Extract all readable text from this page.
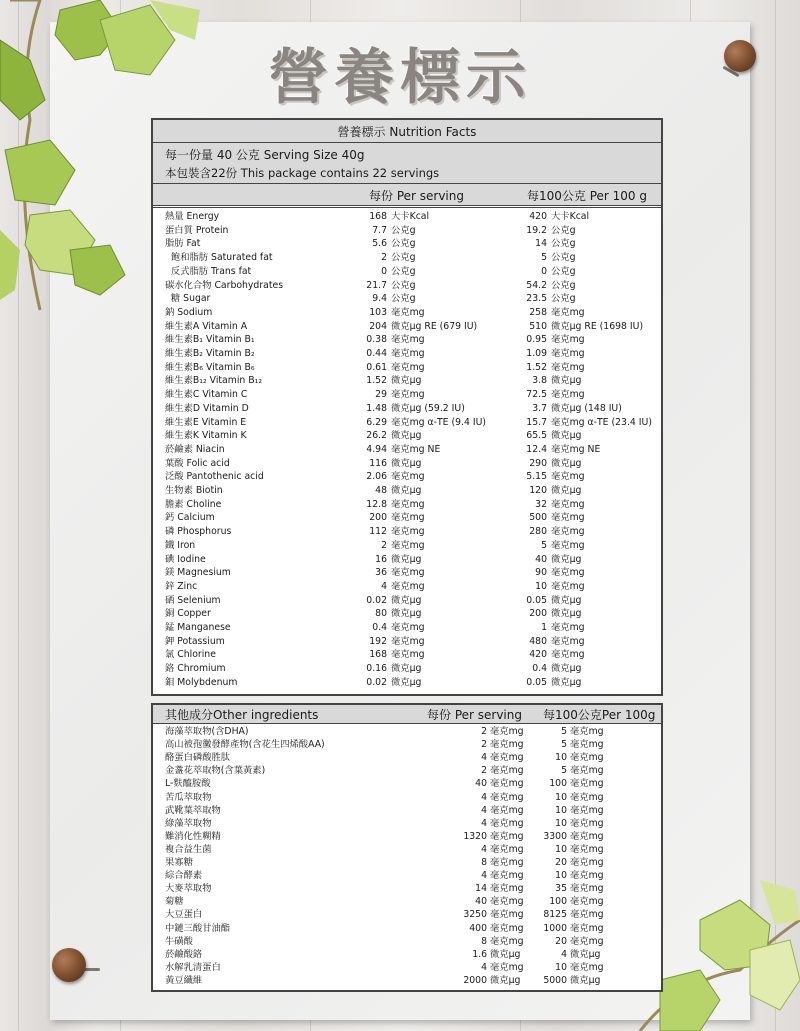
營養標示
營養標示 Nutrition Facts
每一份量 40 公克 Serving Size 40g
本包裝含22份 This package contains 22 servings
每份 Per serving	每100公克 Per 100 g
熱量 Energy	168 大卡Kcal	420 大卡Kcal
蛋白質 Protein	7.7 公克g	19.2 公克g
脂肪 Fat	5.6 公克g	14 公克g
飽和脂肪 Saturated fat	2 公克g	5 公克g
反式脂肪 Trans fat	0 公克g	0 公克g
碳水化合物 Carbohydrates	21.7 公克g	54.2 公克g
糖 Sugar	9.4 公克g	23.5 公克g
鈉 Sodium	103 毫克mg	258 毫克mg
維生素A Vitamin A	204 微克μg RE (679 IU)	510 微克μg RE (1698 IU)
維生素B₁ Vitamin B₁	0.38 毫克mg	0.95 毫克mg
維生素B₂ Vitamin B₂	0.44 毫克mg	1.09 毫克mg
維生素B₆ Vitamin B₆	0.61 毫克mg	1.52 毫克mg
維生素B₁₂ Vitamin B₁₂	1.52 微克μg	3.8 微克μg
維生素C Vitamin C	29 毫克mg	72.5 毫克mg
維生素D Vitamin D	1.48 微克μg (59.2 IU)	3.7 微克μg (148 IU)
維生素E Vitamin E	6.29 毫克mg α-TE (9.4 IU)	15.7 毫克mg α-TE (23.4 IU)
維生素K Vitamin K	26.2 微克μg	65.5 微克μg
菸鹼素 Niacin	4.94 毫克mg NE	12.4 毫克mg NE
葉酸 Folic acid	116 微克μg	290 微克μg
泛酸 Pantothenic acid	2.06 毫克mg	5.15 毫克mg
生物素 Biotin	48 微克μg	120 微克μg
膽素 Choline	12.8 毫克mg	32 毫克mg
鈣 Calcium	200 毫克mg	500 毫克mg
磷 Phosphorus	112 毫克mg	280 毫克mg
鐵 Iron	2 毫克mg	5 毫克mg
碘 Iodine	16 微克μg	40 微克μg
鎂 Magnesium	36 毫克mg	90 毫克mg
鋅 Zinc	4 毫克mg	10 毫克mg
硒 Selenium	0.02 微克μg	0.05 微克μg
銅 Copper	80 微克μg	200 微克μg
錳 Manganese	0.4 毫克mg	1 毫克mg
鉀 Potassium	192 毫克mg	480 毫克mg
氯 Chlorine	168 毫克mg	420 毫克mg
鉻 Chromium	0.16 微克μg	0.4 微克μg
鉬 Molybdenum	0.02 微克μg	0.05 微克μg
其他成分Other ingredients	每份 Per serving 每100公克Per 100g
海藻萃取物(含DHA)	2 毫克mg	5 毫克mg
高山被孢黴發酵產物(含花生四烯酸AA)	2 毫克mg	5 毫克mg
酪蛋白磷酸胜肽	4 毫克mg	10 毫克mg
金盞花萃取物(含葉黃素)	2 毫克mg	5 毫克mg
L-麩醯胺酸	40 毫克mg	100 毫克mg
苦瓜萃取物	4 毫克mg	10 毫克mg
武靴葉萃取物	4 毫克mg	10 毫克mg
綠藻萃取物	4 毫克mg	10 毫克mg
難消化性糊精	1320 毫克mg	3300 毫克mg
複合益生菌	4 毫克mg	10 毫克mg
果寡糖	8 毫克mg	20 毫克mg
綜合酵素	4 毫克mg	10 毫克mg
大麥萃取物	14 毫克mg	35 毫克mg
菊糖	40 毫克mg	100 毫克mg
大豆蛋白	3250 毫克mg	8125 毫克mg
中鏈三酸甘油酯	400 毫克mg	1000 毫克mg
牛磺酸	8 毫克mg	20 毫克mg
菸鹼酸鉻	1.6 微克μg	4 微克μg
水解乳清蛋白	4 毫克mg	10 毫克mg
黃豆纖維	2000 微克μg	5000 微克μg
